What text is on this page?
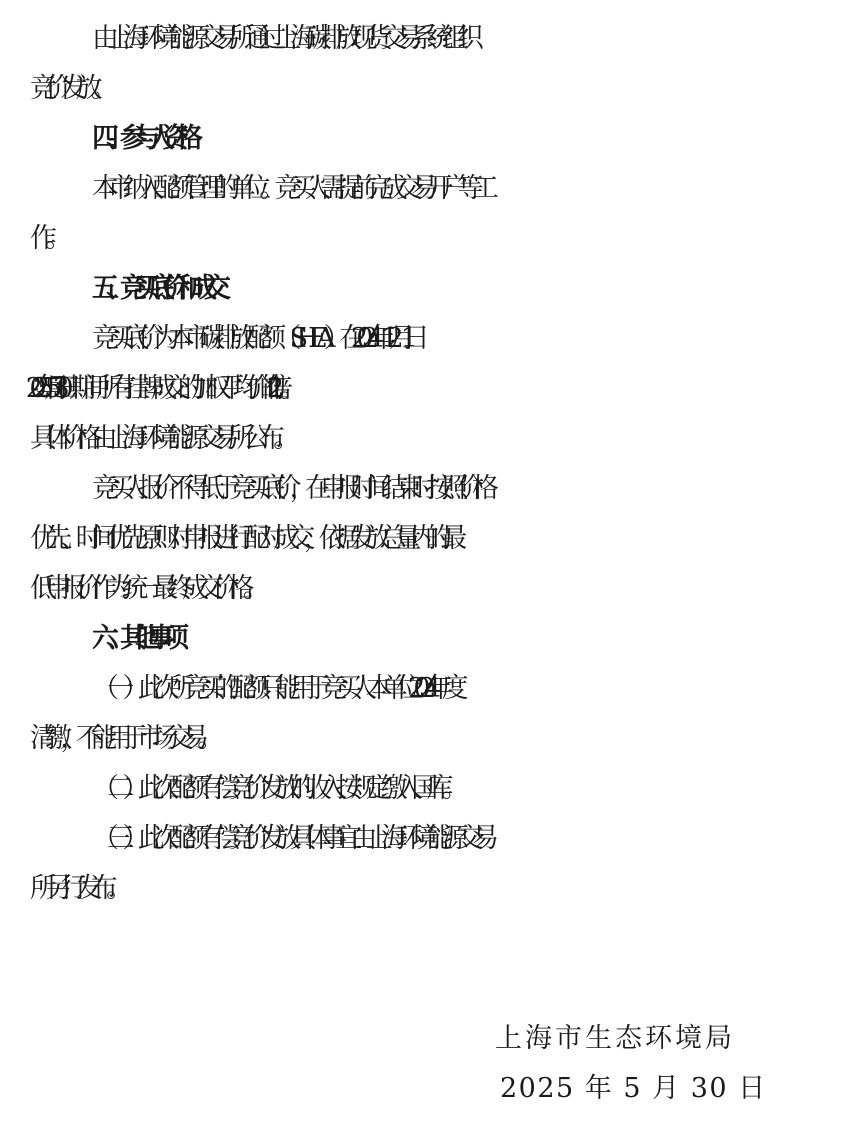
由上海环境能源交易所通过上海碳排放现货交易系统组织
竞价发放。
四、参与人资格
本市纳入配额管理的单位。竞买人需提前完成交易开户等工
作。
五、竞买底价和成交
竞买底价为本市碳排放配额（SHEA）在 2024 年 12 月 1 日
-2025 年 5 月 30 日期间所有挂牌成交的加权平均价的 1.2 倍。
具体价格由上海环境能源交易所公布。
竞买人报价不得低于竞买底价，在申报时间结束时按照价格
优先、时间优先原则对申报进行配对成交，依据发放总量内的最
低申报价作为统一最终成交价格。
六、其他事项
（一）此次所竞买的配额只能用于竞买人本单位 2024 年度
清缴，不能用于市场交易。
（二）此次配额有偿竞价发放的收入按规定缴入国库。
（三）此次配额有偿竞价发放具体事宜由上海环境能源交易
所另行发布。
上海市生态环境局
2025 年 5 月 30 日
